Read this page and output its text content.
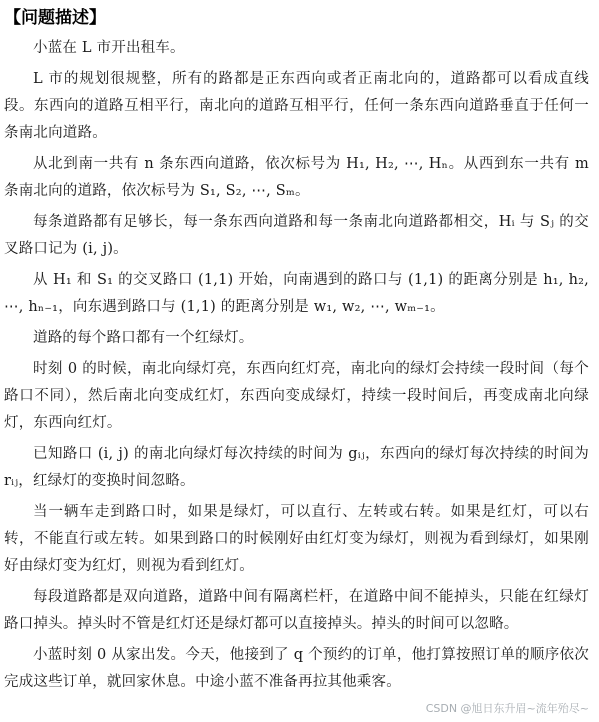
【问题描述】

小蓝在 L 市开出租车。

L 市的规划很规整，所有的路都是正东西向或者正南北向的，道路都可以看成直线段。东西向的道路互相平行，南北向的道路互相平行，任何一条东西向道路垂直于任何一条南北向道路。

从北到南一共有 n 条东西向道路，依次标号为 H₁, H₂, ⋯, Hₙ。从西到东一共有 m 条南北向的道路，依次标号为 S₁, S₂, ⋯, Sₘ。

每条道路都有足够长，每一条东西向道路和每一条南北向道路都相交，Hᵢ 与 Sⱼ 的交叉路口记为 (i, j)。

从 H₁ 和 S₁ 的交叉路口 (1,1) 开始，向南遇到的路口与 (1,1) 的距离分别是 h₁, h₂, ⋯, hₙ₋₁，向东遇到路口与 (1,1) 的距离分别是 w₁, w₂, ⋯, wₘ₋₁。

道路的每个路口都有一个红绿灯。

时刻 0 的时候，南北向绿灯亮，东西向红灯亮，南北向的绿灯会持续一段时间（每个路口不同），然后南北向变成红灯，东西向变成绿灯，持续一段时间后，再变成南北向绿灯，东西向红灯。

已知路口 (i, j) 的南北向绿灯每次持续的时间为 gᵢⱼ，东西向的绿灯每次持续的时间为 rᵢⱼ，红绿灯的变换时间忽略。

当一辆车走到路口时，如果是绿灯，可以直行、左转或右转。如果是红灯，可以右转，不能直行或左转。如果到路口的时候刚好由红灯变为绿灯，则视为看到绿灯，如果刚好由绿灯变为红灯，则视为看到红灯。

每段道路都是双向道路，道路中间有隔离栏杆，在道路中间不能掉头，只能在红绿灯路口掉头。掉头时不管是红灯还是绿灯都可以直接掉头。掉头的时间可以忽略。

小蓝时刻 0 从家出发。今天，他接到了 q 个预约的订单，他打算按照订单的顺序依次完成这些订单，就回家休息。中途小蓝不准备再拉其他乘客。

CSDN @旭日东升眉~流年殆尽~
